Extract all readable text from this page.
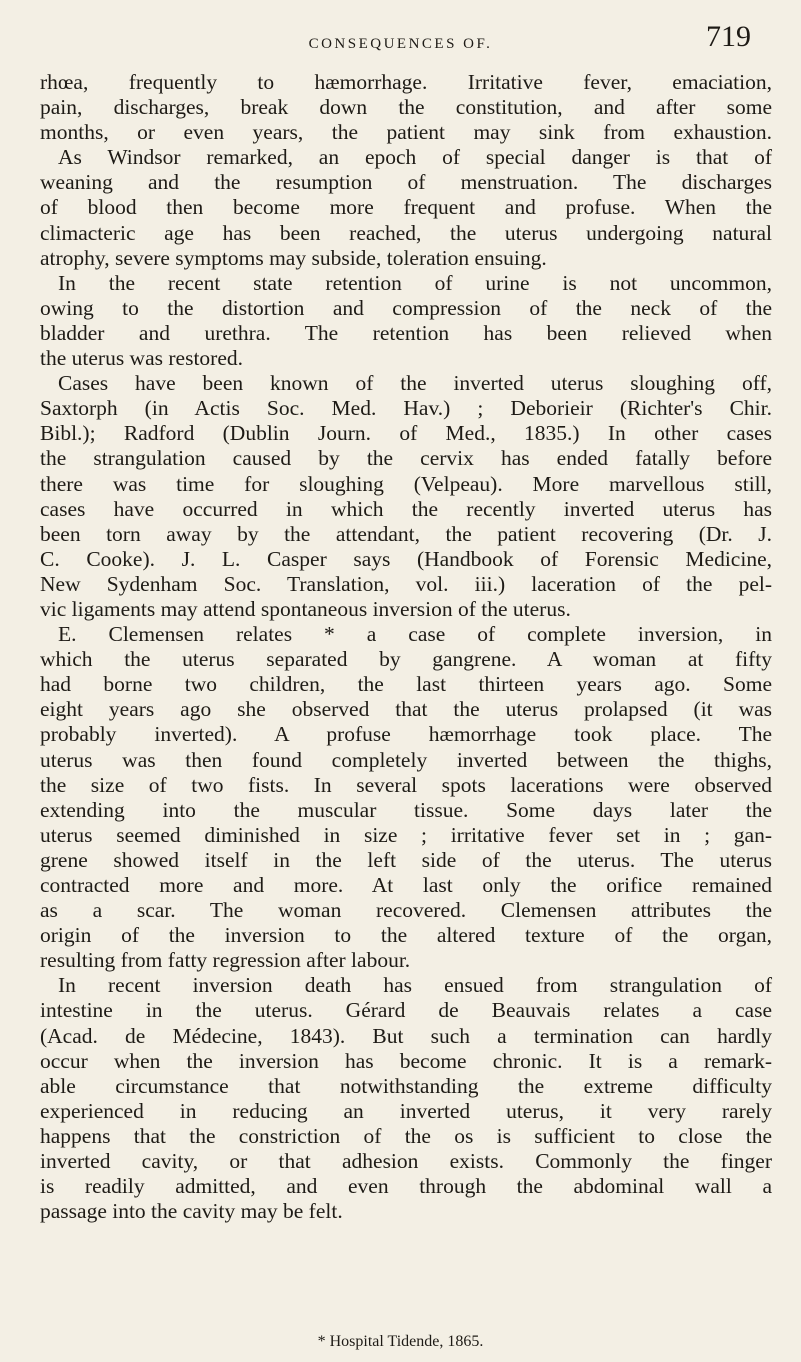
CONSEQUENCES OF.	719
rhœa, frequently to hæmorrhage. Irritative fever, emaciation,
pain, discharges, break down the constitution, and after some
months, or even years, the patient may sink from exhaustion.
As Windsor remarked, an epoch of special danger is that of
weaning and the resumption of menstruation. The discharges
of blood then become more frequent and profuse. When the
climacteric age has been reached, the uterus undergoing natural
atrophy, severe symptoms may subside, toleration ensuing.
In the recent state retention of urine is not uncommon,
owing to the distortion and compression of the neck of the
bladder and urethra. The retention has been relieved when
the uterus was restored.
Cases have been known of the inverted uterus sloughing off,
Saxtorph (in Actis Soc. Med. Hav.) ; Deborieir (Richter's Chir.
Bibl.); Radford (Dublin Journ. of Med., 1835.) In other cases
the strangulation caused by the cervix has ended fatally before
there was time for sloughing (Velpeau). More marvellous still,
cases have occurred in which the recently inverted uterus has
been torn away by the attendant, the patient recovering (Dr. J.
C. Cooke). J. L. Casper says (Handbook of Forensic Medicine,
New Sydenham Soc. Translation, vol. iii.) laceration of the pel-
vic ligaments may attend spontaneous inversion of the uterus.
E. Clemensen relates * a case of complete inversion, in
which the uterus separated by gangrene. A woman at fifty
had borne two children, the last thirteen years ago. Some
eight years ago she observed that the uterus prolapsed (it was
probably inverted). A profuse hæmorrhage took place. The
uterus was then found completely inverted between the thighs,
the size of two fists. In several spots lacerations were observed
extending into the muscular tissue. Some days later the
uterus seemed diminished in size ; irritative fever set in ; gan-
grene showed itself in the left side of the uterus. The uterus
contracted more and more. At last only the orifice remained
as a scar. The woman recovered. Clemensen attributes the
origin of the inversion to the altered texture of the organ,
resulting from fatty regression after labour.
In recent inversion death has ensued from strangulation of
intestine in the uterus. Gérard de Beauvais relates a case
(Acad. de Médecine, 1843). But such a termination can hardly
occur when the inversion has become chronic. It is a remark-
able circumstance that notwithstanding the extreme difficulty
experienced in reducing an inverted uterus, it very rarely
happens that the constriction of the os is sufficient to close the
inverted cavity, or that adhesion exists. Commonly the finger
is readily admitted, and even through the abdominal wall a
passage into the cavity may be felt.
* Hospital Tidende, 1865.
